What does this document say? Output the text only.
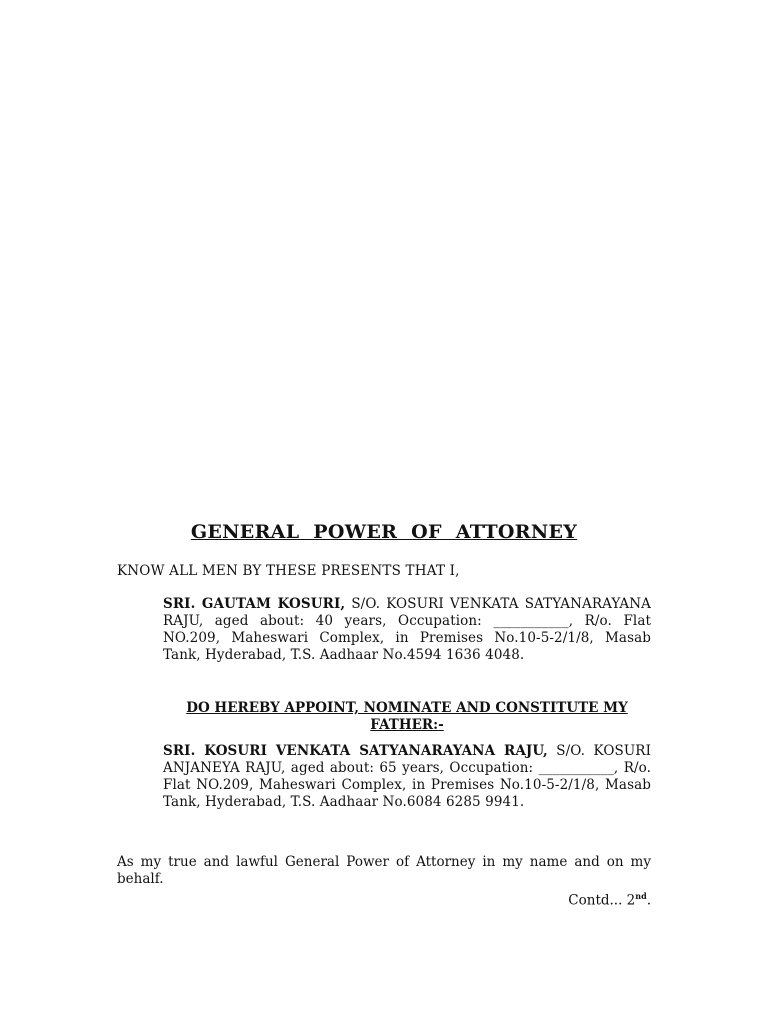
GENERAL POWER OF ATTORNEY
KNOW ALL MEN BY THESE PRESENTS THAT I,
SRI. GAUTAM KOSURI, S/O. KOSURI VENKATA SATYANARAYANA RAJU, aged about: 40 years, Occupation: ___________, R/o. Flat NO.209, Maheswari Complex, in Premises No.10-5-2/1/8, Masab Tank, Hyderabad, T.S. Aadhaar No.4594 1636 4048.
DO HEREBY APPOINT, NOMINATE AND CONSTITUTE MY FATHER:-
SRI. KOSURI VENKATA SATYANARAYANA RAJU, S/O. KOSURI ANJANEYA RAJU, aged about: 65 years, Occupation: ___________, R/o. Flat NO.209, Maheswari Complex, in Premises No.10-5-2/1/8, Masab Tank, Hyderabad, T.S. Aadhaar No.6084 6285 9941.
As my true and lawful General Power of Attorney in my name and on my behalf.
Contd... 2nd.
